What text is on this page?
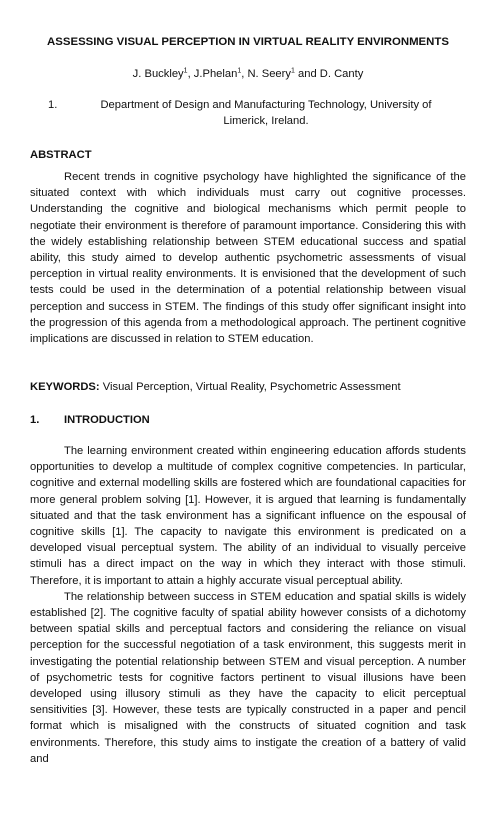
ASSESSING VISUAL PERCEPTION IN VIRTUAL REALITY ENVIRONMENTS
J. Buckley$^1$, J.Phelan$^1$, N. Seery$^1$ and D. Canty
1.	Department of Design and Manufacturing Technology, University of Limerick, Ireland.
ABSTRACT

Recent trends in cognitive psychology have highlighted the significance of the situated context with which individuals must carry out cognitive processes. Understanding the cognitive and biological mechanisms which permit people to negotiate their environment is therefore of paramount importance. Considering this with the widely establishing relationship between STEM educational success and spatial ability, this study aimed to develop authentic psychometric assessments of visual perception in virtual reality environments. It is envisioned that the development of such tests could be used in the determination of a potential relationship between visual perception and success in STEM. The findings of this study offer significant insight into the progression of this agenda from a methodological approach. The pertinent cognitive implications are discussed in relation to STEM education.

KEYWORDS: Visual Perception, Virtual Reality, Psychometric Assessment
1.	INTRODUCTION

The learning environment created within engineering education affords students opportunities to develop a multitude of complex cognitive competencies. In particular, cognitive and external modelling skills are fostered which are foundational capacities for more general problem solving [1]. However, it is argued that learning is fundamentally situated and that the task environment has a significant influence on the espousal of cognitive skills [1]. The capacity to navigate this environment is predicated on a developed visual perceptual system. The ability of an individual to visually perceive stimuli has a direct impact on the way in which they interact with those stimuli. Therefore, it is important to attain a highly accurate visual perceptual ability.

The relationship between success in STEM education and spatial skills is widely established [2]. The cognitive faculty of spatial ability however consists of a dichotomy between spatial skills and perceptual factors and considering the reliance on visual perception for the successful negotiation of a task environment, this suggests merit in investigating the potential relationship between STEM and visual perception. A number of psychometric tests for cognitive factors pertinent to visual illusions have been developed using illusory stimuli as they have the capacity to elicit perceptual sensitivities [3]. However, these tests are typically constructed in a paper and pencil format which is misaligned with the constructs of situated cognition and task environments. Therefore, this study aims to instigate the creation of a battery of valid and
